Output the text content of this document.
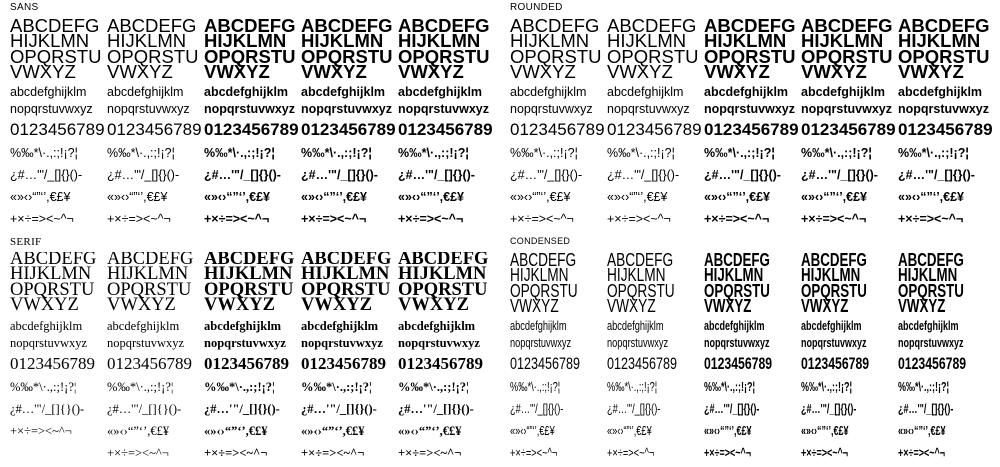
SANS
ABCDEFG
HIJKLMN
OPQRSTU
VWXYZ
abcdefghijklm
nopqrstuvwxyz
0123456789
%‰*\·.,:;!¡?¦
¿#…'"/_[]{}()-
«»‹›“”‘’,€£¥
+×÷=><~^¬
ABCDEFG
HIJKLMN
OPQRSTU
VWXYZ
abcdefghijklm
nopqrstuvwxyz
0123456789
%‰*\·.,:;!¡?¦
¿#…'"/_[]{}()-
«»‹›“”‘’,€£¥
+×÷=><~^¬
ABCDEFG
HIJKLMN
OPQRSTU
VWXYZ
abcdefghijklm
nopqrstuvwxyz
0123456789
%‰*\·.,:;!¡?¦
¿#…'"/_[]{}()-
«»‹›“”‘’,€£¥
+×÷=><~^¬
ABCDEFG
HIJKLMN
OPQRSTU
VWXYZ
abcdefghijklm
nopqrstuvwxyz
0123456789
%‰*\·.,:;!¡?¦
¿#…'"/_[]{}()-
«»‹›“”‘’,€£¥
+×÷=><~^¬
ABCDEFG
HIJKLMN
OPQRSTU
VWXYZ
abcdefghijklm
nopqrstuvwxyz
0123456789
%‰*\·.,:;!¡?¦
¿#…'"/_[]{}()-
«»‹›“”‘’,€£¥
+×÷=><~^¬
ROUNDED
ABCDEFG
HIJKLMN
OPQRSTU
VWXYZ
abcdefghijklm
nopqrstuvwxyz
0123456789
%‰*\·.,:;!¡?¦
¿#…'"/_[]{}()-
«»‹›“”‘’,€£¥
+×÷=><~^¬
ABCDEFG
HIJKLMN
OPQRSTU
VWXYZ
abcdefghijklm
nopqrstuvwxyz
0123456789
%‰*\·.,:;!¡?¦
¿#…'"/_[]{}()-
«»‹›“”‘’,€£¥
+×÷=><~^¬
ABCDEFG
HIJKLMN
OPQRSTU
VWXYZ
abcdefghijklm
nopqrstuvwxyz
0123456789
%‰*\·.,:;!¡?¦
¿#…'"/_[]{}()-
«»‹›“”‘’,€£¥
+×÷=><~^¬
ABCDEFG
HIJKLMN
OPQRSTU
VWXYZ
abcdefghijklm
nopqrstuvwxyz
0123456789
%‰*\·.,:;!¡?¦
¿#…'"/_[]{}()-
«»‹›“”‘’,€£¥
+×÷=><~^¬
ABCDEFG
HIJKLMN
OPQRSTU
VWXYZ
abcdefghijklm
nopqrstuvwxyz
0123456789
%‰*\·.,:;!¡?¦
¿#…'"/_[]{}()-
«»‹›“”‘’,€£¥
+×÷=><~^¬
SERIF
ABCDEFG
HIJKLMN
OPQRSTU
VWXYZ
abcdefghijklm
nopqrstuvwxyz
0123456789
%‰*\·.,:;!¡?¦
¿#…'"/_[]{}()-
+×÷=><~^¬
ABCDEFG
HIJKLMN
OPQRSTU
VWXYZ
abcdefghijklm
nopqrstuvwxyz
0123456789
%‰*\·.,:;!¡?¦
¿#…'"/_[]{}()-
«»‹›“”‘’,€£¥
+×÷=><~^¬
ABCDEFG
HIJKLMN
OPQRSTU
VWXYZ
abcdefghijklm
nopqrstuvwxyz
0123456789
%‰*\·.,:;!¡?¦
¿#…'"/_[]{}()-
«»‹›“”‘’,€£¥
+×÷=><~^¬
ABCDEFG
HIJKLMN
OPQRSTU
VWXYZ
abcdefghijklm
nopqrstuvwxyz
0123456789
%‰*\·.,:;!¡?¦
¿#…'"/_[]{}()-
«»‹›“”‘’,€£¥
+×÷=><~^¬
ABCDEFG
HIJKLMN
OPQRSTU
VWXYZ
abcdefghijklm
nopqrstuvwxyz
0123456789
%‰*\·.,:;!¡?¦
¿#…'"/_[]{}()-
«»‹›“”‘’,€£¥
+×÷=><~^¬
CONDENSED
ABCDEFG
HIJKLMN
OPQRSTU
VWXYZ
abcdefghijklm
nopqrstuvwxyz
0123456789
%‰*\·.,:;!¡?¦
¿#…'"/_[]{}()-
«»‹›“”‘’,€£¥
+×÷=><~^¬
ABCDEFG
HIJKLMN
OPQRSTU
VWXYZ
abcdefghijklm
nopqrstuvwxyz
0123456789
%‰*\·.,:;!¡?¦
¿#…'"/_[]{}()-
«»‹›“”‘’,€£¥
+×÷=><~^¬
ABCDEFG
HIJKLMN
OPQRSTU
VWXYZ
abcdefghijklm
nopqrstuvwxyz
0123456789
%‰*\·.,:;!¡?¦
¿#…'"/_[]{}()-
«»‹›“”‘’,€£¥
+×÷=><~^¬
ABCDEFG
HIJKLMN
OPQRSTU
VWXYZ
abcdefghijklm
nopqrstuvwxyz
0123456789
%‰*\·.,:;!¡?¦
¿#…'"/_[]{}()-
«»‹›“”‘’,€£¥
+×÷=><~^¬
ABCDEFG
HIJKLMN
OPQRSTU
VWXYZ
abcdefghijklm
nopqrstuvwxyz
0123456789
%‰*\·.,:;!¡?¦
¿#…'"/_[]{}()-
«»‹›“”‘’,€£¥
+×÷=><~^¬
